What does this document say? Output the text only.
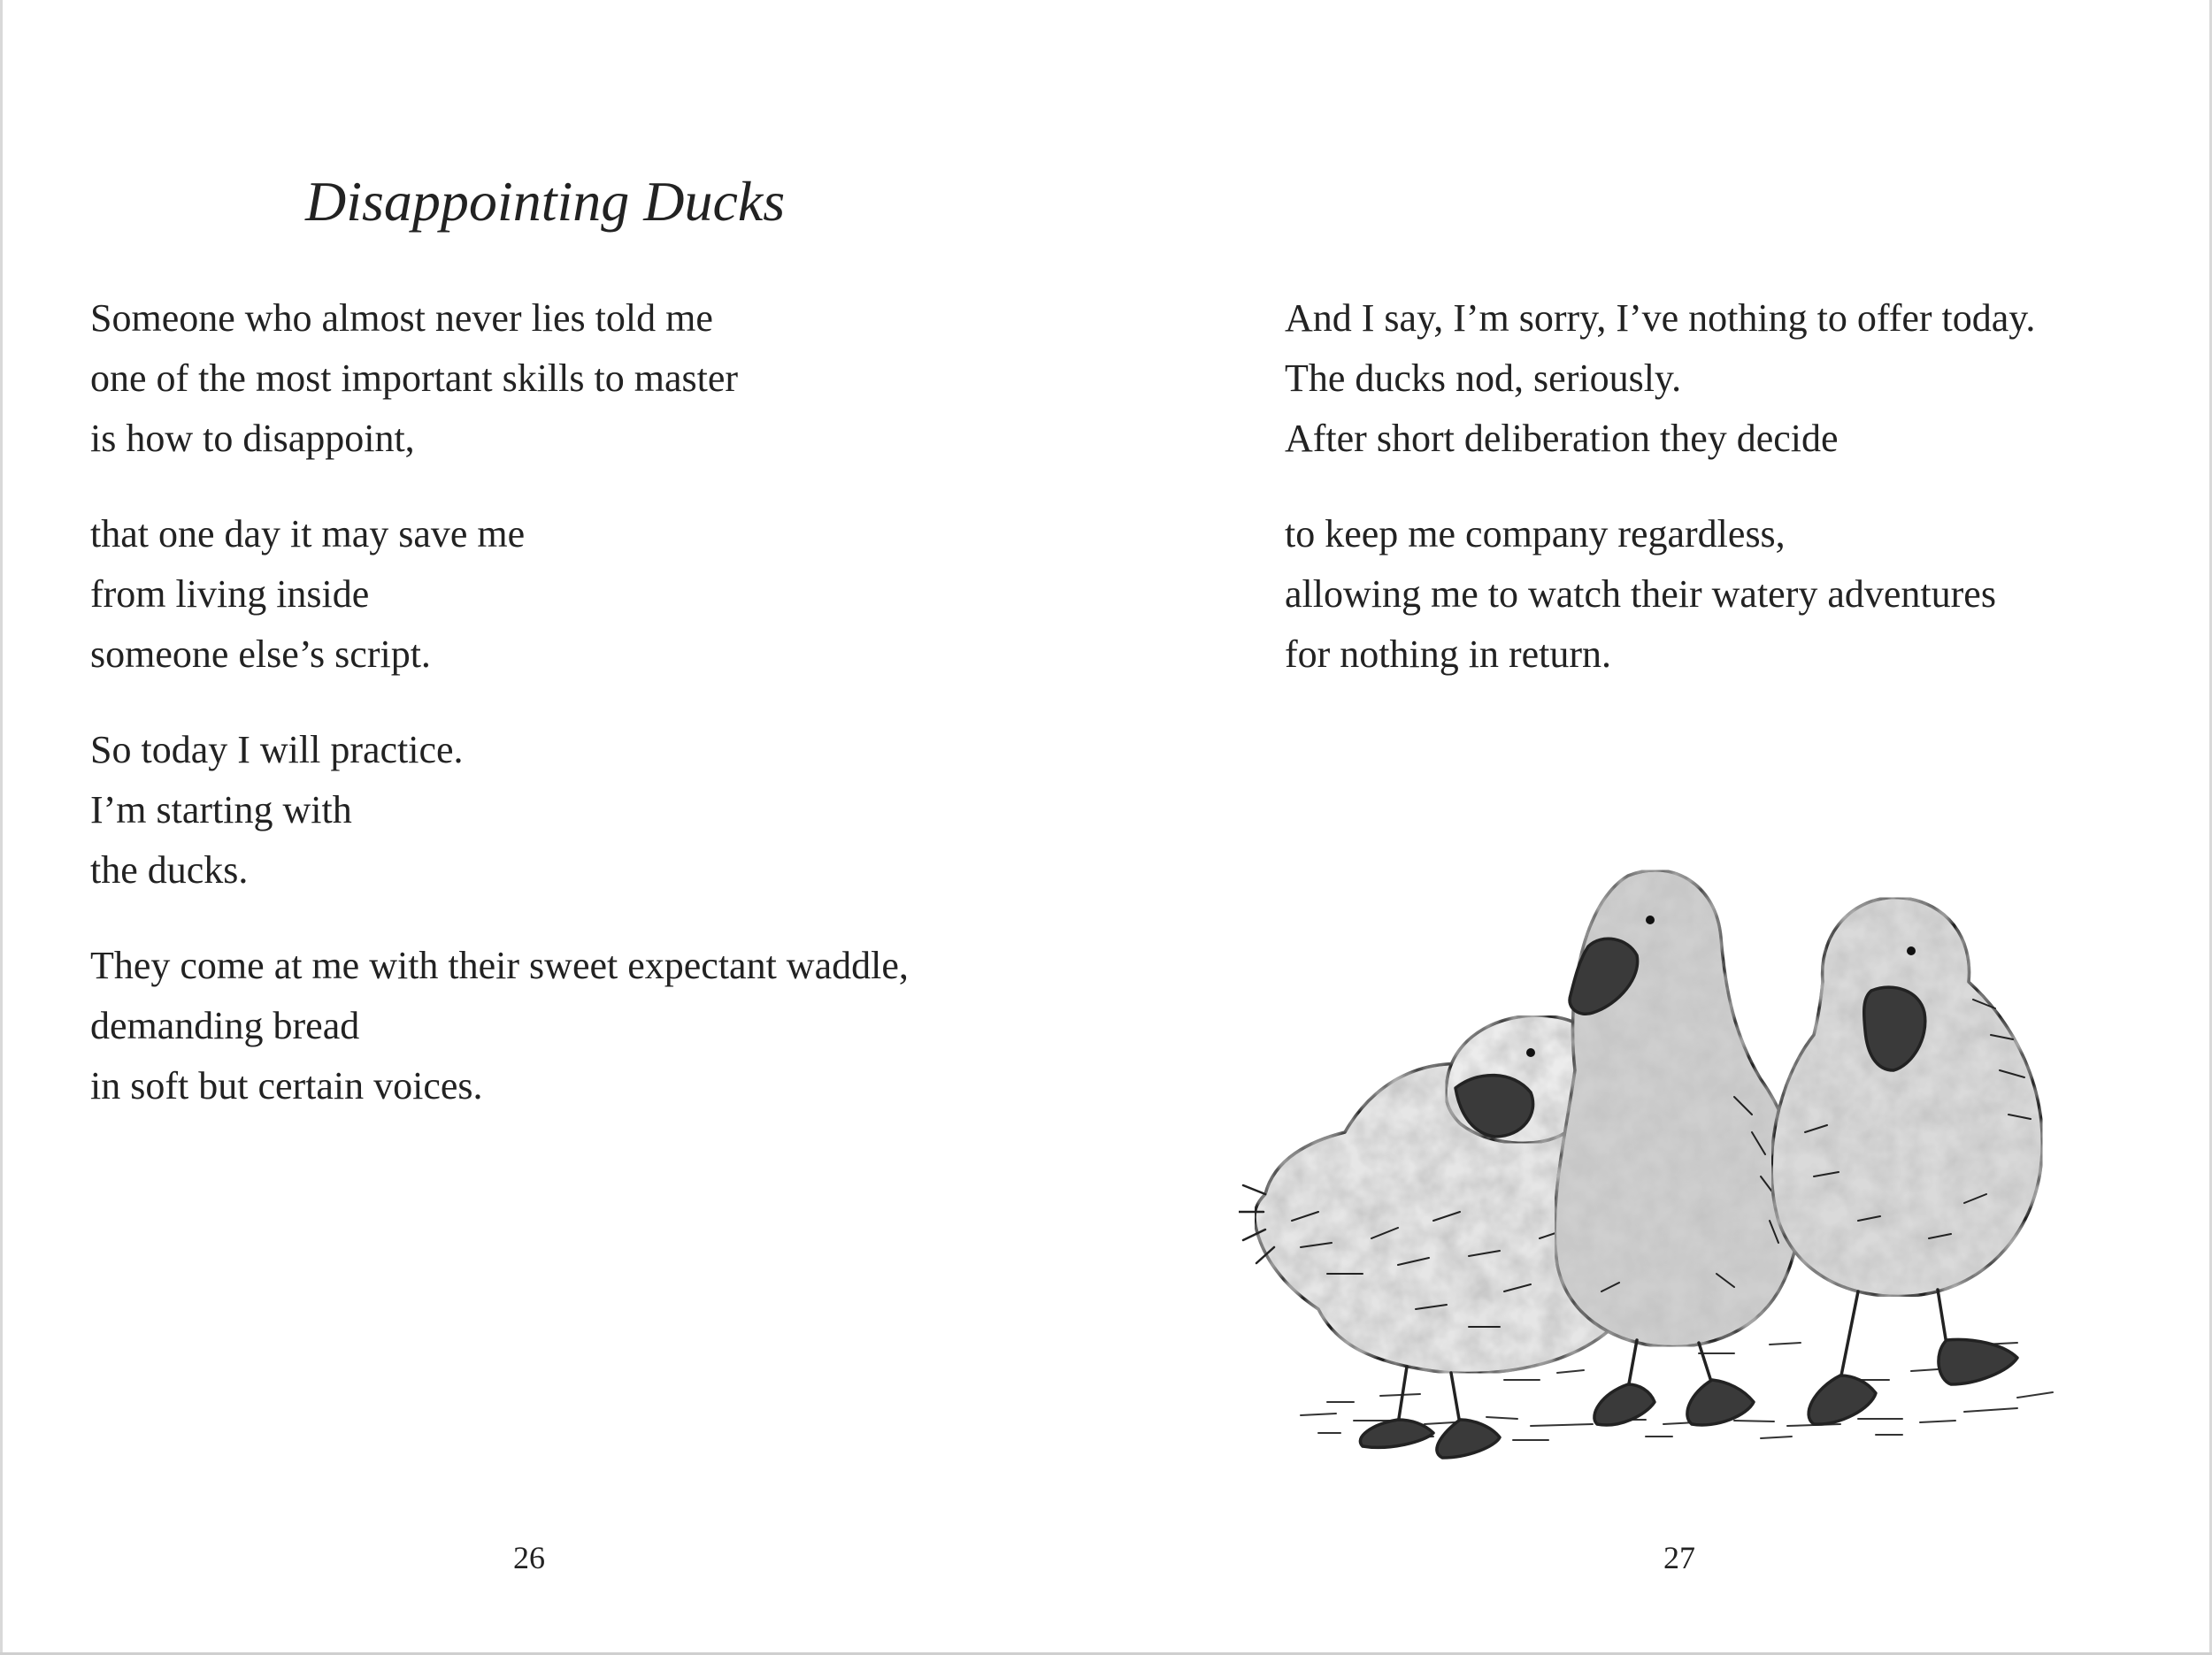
Disappointing Ducks

Someone who almost never lies told me
one of the most important skills to master
is how to disappoint,

that one day it may save me
from living inside
someone else’s script.

So today I will practice.
I’m starting with
the ducks.

They come at me with their sweet expectant waddle,
demanding bread
in soft but certain voices.

26

And I say, I’m sorry, I’ve nothing to offer today.
The ducks nod, seriously.
After short deliberation they decide

to keep me company regardless,
allowing me to watch their watery adventures
for nothing in return.

27
